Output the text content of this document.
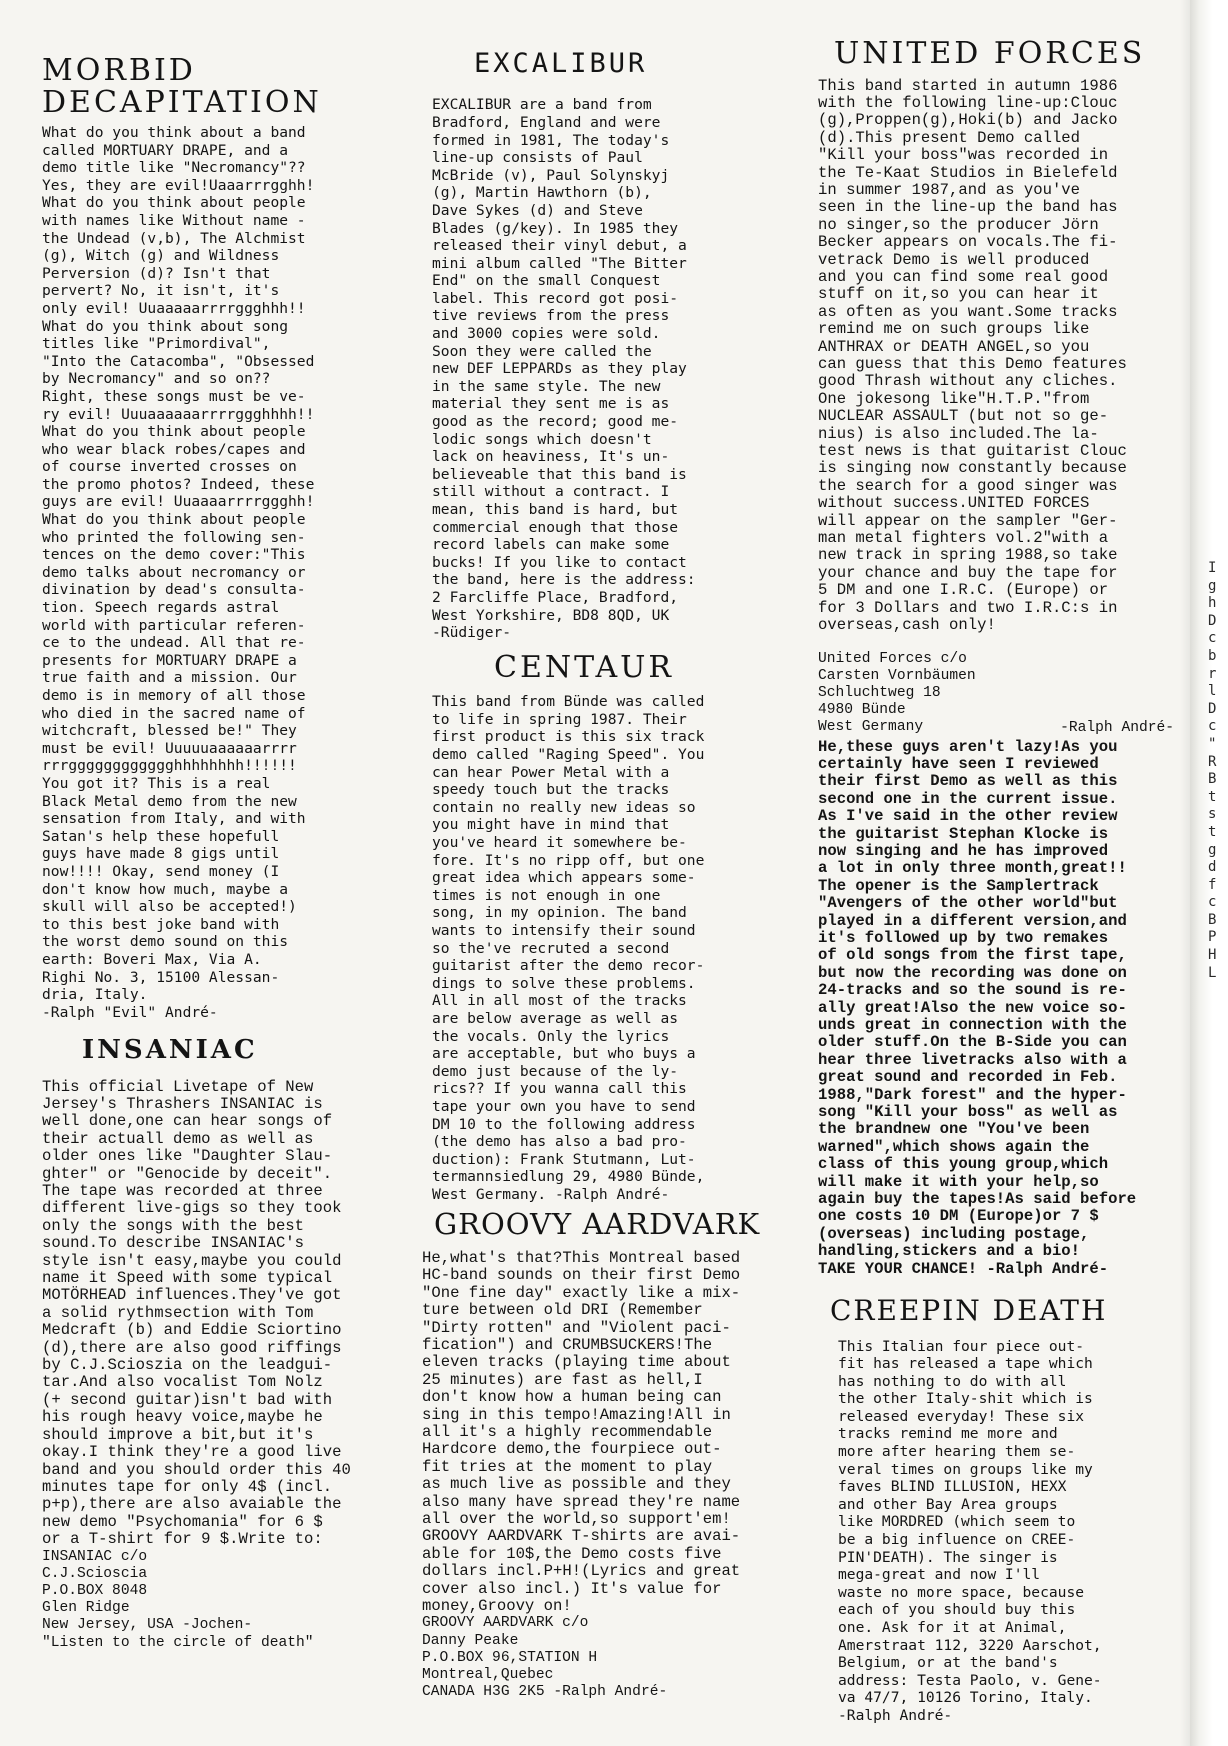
MORBID
DECAPITATION

What do you think about a band
called MORTUARY DRAPE, and a
demo title like "Necromancy"??
Yes, they are evil!Uaaarrrgghh!
What do you think about people
with names like Without name -
the Undead (v,b), The Alchmist
(g), Witch (g) and Wildness
Perversion (d)? Isn't that
pervert? No, it isn't, it's
only evil! Uuaaaaarrrrggghhh!!
What do you think about song
titles like "Primordival",
"Into the Catacomba", "Obsessed
by Necromancy" and so on??
Right, these songs must be ve-
ry evil! Uuuaaaaaarrrrggghhhh!!
What do you think about people
who wear black robes/capes and
of course inverted crosses on
the promo photos? Indeed, these
guys are evil! Uuaaaarrrrggghh!
What do you think about people
who printed the following sen-
tences on the demo cover:"This
demo talks about necromancy or
divination by dead's consulta-
tion. Speech regards astral
world with particular referen-
ce to the undead. All that re-
presents for MORTUARY DRAPE a
true faith and a mission. Our
demo is in memory of all those
who died in the sacred name of
witchcraft, blessed be!" They
must be evil! Uuuuuaaaaaarrrr
rrrgggggggggggghhhhhhhh!!!!!!
You got it? This is a real
Black Metal demo from the new
sensation from Italy, and with
Satan's help these hopefull
guys have made 8 gigs until
now!!!! Okay, send money (I
don't know how much, maybe a
skull will also be accepted!)
to this best joke band with
the worst demo sound on this
earth: Boveri Max, Via A.
Righi No. 3, 15100 Alessan-
dria, Italy.

-Ralph "Evil" André-

INSANIAC

This official Livetape of New
Jersey's Thrashers INSANIAC is
well done,one can hear songs of
their actuall demo as well as
older ones like "Daughter Slau-
ghter" or "Genocide by deceit".
The tape was recorded at three
different live-gigs so they took
only the songs with the best
sound.To describe INSANIAC's
style isn't easy,maybe you could
name it Speed with some typical
MOTÖRHEAD influences.They've got
a solid rythmsection with Tom
Medcraft (b) and Eddie Sciortino
(d),there are also good riffings
by C.J.Scioszia on the leadgui-
tar.And also vocalist Tom Nolz
(+ second guitar)isn't bad with
his rough heavy voice,maybe he
should improve a bit,but it's
okay.I think they're a good live
band and you should order this 40
minutes tape for only 4$ (incl.
p+p),there are also avaiable the
new demo "Psychomania" for 6 $
or a T-shirt for 9 $.Write to:

INSANIAC c/o
C.J.Scioscia
P.O.BOX 8048
Glen Ridge
New Jersey, USA -Jochen-
"Listen to the circle of death"

EXCALIBUR

EXCALIBUR are a band from
Bradford, England and were
formed in 1981, The today's
line-up consists of Paul
McBride (v), Paul Solynskyj
(g), Martin Hawthorn (b),
Dave Sykes (d) and Steve
Blades (g/key). In 1985 they
released their vinyl debut, a
mini album called "The Bitter
End" on the small Conquest
label. This record got posi-
tive reviews from the press
and 3000 copies were sold.
Soon they were called the
new DEF LEPPARDs as they play
in the same style. The new
material they sent me is as
good as the record; good me-
lodic songs which doesn't
lack on heaviness, It's un-
believeable that this band is
still without a contract. I
mean, this band is hard, but
commercial enough that those
record labels can make some
bucks! If you like to contact
the band, here is the address:
2 Farcliffe Place, Bradford,
West Yorkshire, BD8 8QD, UK
-Rüdiger-

CENTAUR

This band from Bünde was called
to life in spring 1987. Their
first product is this six track
demo called "Raging Speed". You
can hear Power Metal with a
speedy touch but the tracks
contain no really new ideas so
you might have in mind that
you've heard it somewhere be-
fore. It's no ripp off, but one
great idea which appears some-
times is not enough in one
song, in my opinion. The band
wants to intensify their sound
so the've recruted a second
guitarist after the demo recor-
dings to solve these problems.
All in all most of the tracks
are below average as well as
the vocals. Only the lyrics
are acceptable, but who buys a
demo just because of the ly-
rics?? If you wanna call this
tape your own you have to send
DM 10 to the following address
(the demo has also a bad pro-
duction): Frank Stutmann, Lut-
termannsiedlung 29, 4980 Bünde,
West Germany. -Ralph André-

GROOVY AARDVARK

He,what's that?This Montreal based
HC-band sounds on their first Demo
"One fine day" exactly like a mix-
ture between old DRI (Remember
"Dirty rotten" and "Violent paci-
fication") and CRUMBSUCKERS!The
eleven tracks (playing time about
25 minutes) are fast as hell,I
don't know how a human being can
sing in this tempo!Amazing!All in
all it's a highly recommendable
Hardcore demo,the fourpiece out-
fit tries at the moment to play
as much live as possible and they
also many have spread they're name
all over the world,so support'em!
GROOVY AARDVARK T-shirts are avai-
able for 10$,the Demo costs five
dollars incl.P+H!(Lyrics and great
cover also incl.) It's value for
money,Groovy on!

GROOVY AARDVARK c/o
Danny Peake
P.O.BOX 96,STATION H
Montreal,Quebec
CANADA H3G 2K5 -Ralph André-

UNITED FORCES

This band started in autumn 1986
with the following line-up:Clouc
(g),Proppen(g),Hoki(b) and Jacko
(d).This present Demo called
"Kill your boss"was recorded in
the Te-Kaat Studios in Bielefeld
in summer 1987,and as you've
seen in the line-up the band has
no singer,so the producer Jörn
Becker appears on vocals.The fi-
vetrack Demo is well produced
and you can find some real good
stuff on it,so you can hear it
as often as you want.Some tracks
remind me on such groups like
ANTHRAX or DEATH ANGEL,so you
can guess that this Demo features
good Thrash without any cliches.
One jokesong like"H.T.P."from
NUCLEAR ASSAULT (but not so ge-
nius) is also included.The la-
test news is that guitarist Clouc
is singing now constantly because
the search for a good singer was
without success.UNITED FORCES
will appear on the sampler "Ger-
man metal fighters vol.2"with a
new track in spring 1988,so take
your chance and buy the tape for
5 DM and one I.R.C. (Europe) or
for 3 Dollars and two I.R.C:s in
overseas,cash only!

United Forces c/o
Carsten Vornbäumen
Schluchtweg 18
4980 Bünde
West Germany	-Ralph André-

He,these guys aren't lazy!As you
certainly have seen I reviewed
their first Demo as well as this
second one in the current issue.
As I've said in the other review
the guitarist Stephan Klocke is
now singing and he has improved
a lot in only three month,great!!
The opener is the Samplertrack
"Avengers of the other world"but
played in a different version,and
it's followed up by two remakes
of old songs from the first tape,
but now the recording was done on
24-tracks and so the sound is re-
ally great!Also the new voice so-
unds great in connection with the
older stuff.On the B-Side you can
hear three livetracks also with a
great sound and recorded in Feb.
1988,"Dark forest" and the hyper-
song "Kill your boss" as well as
the brandnew one "You've been
warned",which shows again the
class of this young group,which
will make it with your help,so
again buy the tapes!As said before
one costs 10 DM (Europe)or 7 $
(overseas) including postage,
handling,stickers and a bio!
TAKE YOUR CHANCE! -Ralph André-

CREEPIN DEATH

This Italian four piece out-
fit has released a tape which
has nothing to do with all
the other Italy-shit which is
released everyday! These six
tracks remind me more and
more after hearing them se-
veral times on groups like my
faves BLIND ILLUSION, HEXX
and other Bay Area groups
like MORDRED (which seem to
be a big influence on CREE-
PIN'DEATH). The singer is
mega-great and now I'll
waste no more space, because
each of you should buy this
one. Ask for it at Animal,
Amerstraat 112, 3220 Aarschot,
Belgium, or at the band's
address: Testa Paolo, v. Gene-
va 47/7, 10126 Torino, Italy.
-Ralph André-

I
g
h
D
c
b
r
l
D
c
"
R
B
t
s
t
g
d
f
c
B
P
H
L
